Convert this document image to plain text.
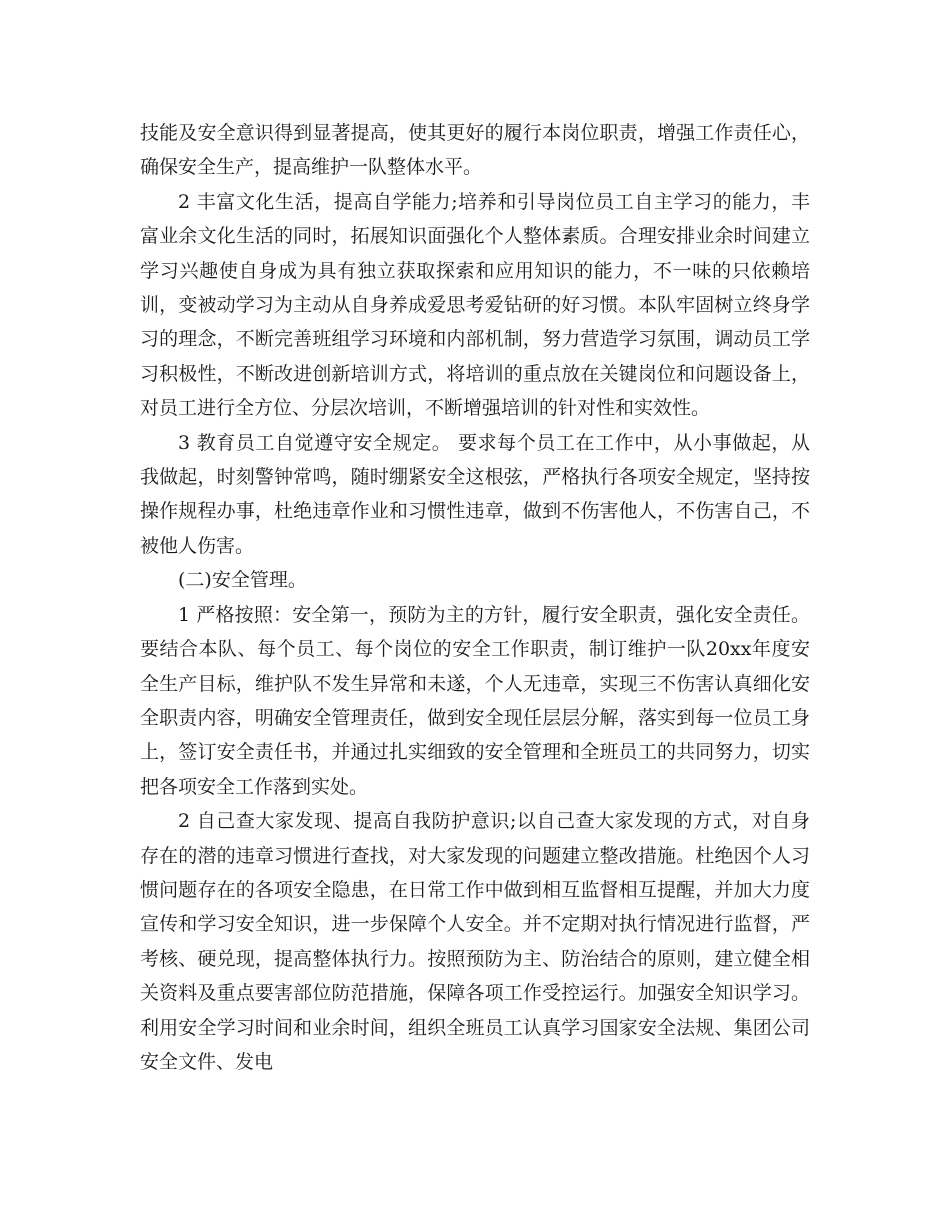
技能及安全意识得到显著提高，使其更好的履行本岗位职责，增强工作责任心，确保安全生产，提高维护一队整体水平。

2 丰富文化生活，提高自学能力;培养和引导岗位员工自主学习的能力，丰富业余文化生活的同时，拓展知识面强化个人整体素质。合理安排业余时间建立学习兴趣使自身成为具有独立获取探索和应用知识的能力，不一味的只依赖培训，变被动学习为主动从自身养成爱思考爱钻研的好习惯。本队牢固树立终身学习的理念，不断完善班组学习环境和内部机制，努力营造学习氛围，调动员工学习积极性，不断改进创新培训方式，将培训的重点放在关键岗位和问题设备上，对员工进行全方位、分层次培训，不断增强培训的针对性和实效性。

3 教育员工自觉遵守安全规定。 要求每个员工在工作中，从小事做起，从我做起，时刻警钟常鸣，随时绷紧安全这根弦，严格执行各项安全规定，坚持按操作规程办事，杜绝违章作业和习惯性违章，做到不伤害他人，不伤害自己，不被他人伤害。

(二)安全管理。

1 严格按照：安全第一，预防为主的方针，履行安全职责，强化安全责任。要结合本队、每个员工、每个岗位的安全工作职责，制订维护一队20xx年度安全生产目标，维护队不发生异常和未遂，个人无违章，实现三不伤害认真细化安全职责内容，明确安全管理责任，做到安全现任层层分解，落实到每一位员工身上，签订安全责任书，并通过扎实细致的安全管理和全班员工的共同努力，切实把各项安全工作落到实处。

2 自己查大家发现、提高自我防护意识;以自己查大家发现的方式，对自身存在的潜的违章习惯进行查找，对大家发现的问题建立整改措施。杜绝因个人习惯问题存在的各项安全隐患，在日常工作中做到相互监督相互提醒，并加大力度宣传和学习安全知识，进一步保障个人安全。并不定期对执行情况进行监督，严考核、硬兑现，提高整体执行力。按照预防为主、防治结合的原则，建立健全相关资料及重点要害部位防范措施，保障各项工作受控运行。加强安全知识学习。利用安全学习时间和业余时间，组织全班员工认真学习国家安全法规、集团公司安全文件、发电
